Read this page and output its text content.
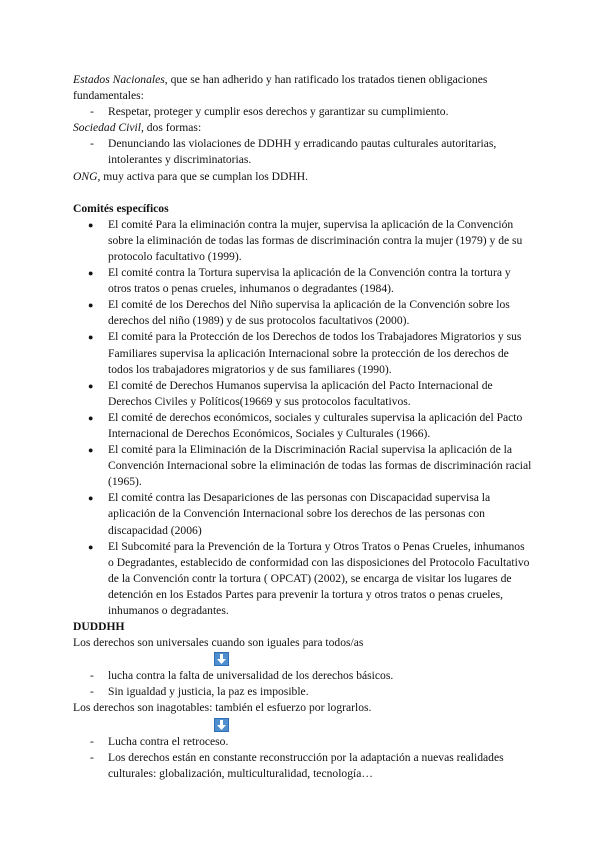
Estados Nacionales, que se han adherido y han ratificado los tratados tienen obligaciones fundamentales:

- Respetar, proteger y cumplir esos derechos y garantizar su cumplimiento.

Sociedad Civil, dos formas:

- Denunciando las violaciones de DDHH y erradicando pautas culturales autoritarias, intolerantes y discriminatorias.

ONG, muy activa para que se cumplan los DDHH.

Comités específicos

● El comité Para la eliminación contra la mujer, supervisa la aplicación de la Convención sobre la eliminación de todas las formas de discriminación contra la mujer (1979) y de su protocolo facultativo (1999).
● El comité contra la Tortura supervisa la aplicación de la Convención contra la tortura y otros tratos o penas crueles, inhumanos o degradantes (1984).
● El comité de los Derechos del Niño supervisa la aplicación de la Convención sobre los derechos del niño (1989) y de sus protocolos facultativos (2000).
● El comité para la Protección de los Derechos de todos los Trabajadores Migratorios y sus Familiares supervisa la aplicación Internacional sobre la protección de los derechos de todos los trabajadores migratorios y de sus familiares (1990).
● El comité de Derechos Humanos supervisa la aplicación del Pacto Internacional de Derechos Civiles y Políticos(19669 y sus protocolos facultativos.
● El comité de derechos económicos, sociales y culturales supervisa la aplicación del Pacto Internacional de Derechos Económicos, Sociales y Culturales (1966).
● El comité para la Eliminación de la Discriminación Racial supervisa la aplicación de la Convención Internacional sobre la eliminación de todas las formas de discriminación racial (1965).
● El comité contra las Desapariciones de las personas con Discapacidad supervisa la aplicación de la Convención Internacional sobre los derechos de las personas con discapacidad (2006)
● El Subcomité para la Prevención de la Tortura y Otros Tratos o Penas Crueles, inhumanos o Degradantes, establecido de conformidad con las disposiciones del Protocolo Facultativo de la Convención contr la tortura ( OPCAT) (2002), se encarga de visitar los lugares de detención en los Estados Partes para prevenir la tortura y otros tratos o penas crueles, inhumanos o degradantes.

DUDDHH

Los derechos son universales cuando son iguales para todos/as

- lucha contra la falta de universalidad de los derechos básicos.
- Sin igualdad y justicia, la paz es imposible.

Los derechos son inagotables: también el esfuerzo por lograrlos.

- Lucha contra el retroceso.
- Los derechos están en constante reconstrucción por la adaptación a nuevas realidades culturales: globalización, multiculturalidad, tecnología…
